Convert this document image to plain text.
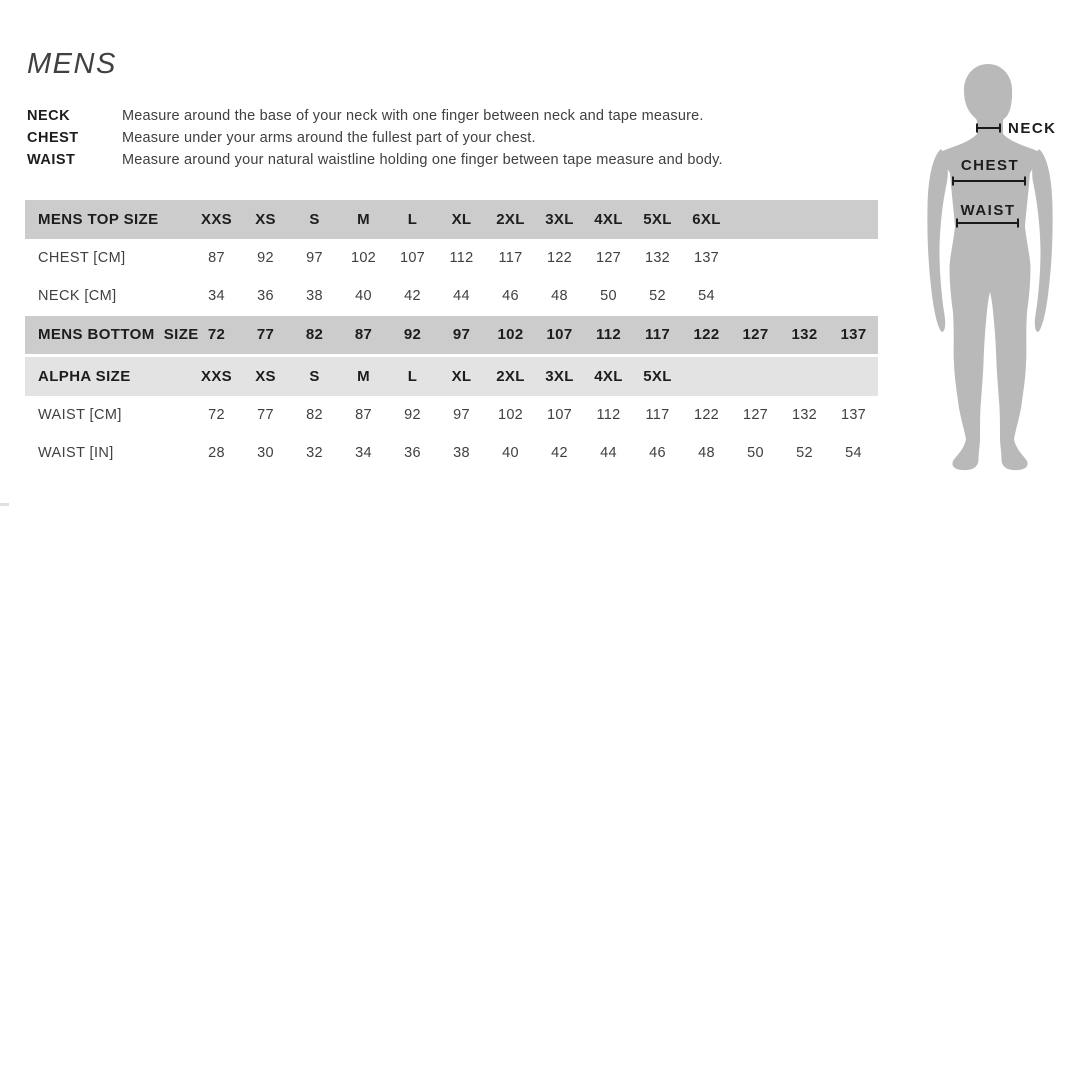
MENS
NECK	Measure around the base of your neck with one finger between neck and tape measure.
CHEST	Measure under your arms around the fullest part of your chest.
WAIST	Measure around your natural waistline holding one finger between tape measure and body.
MENS TOP SIZE	XXS	XS	S	M	L	XL	2XL	3XL	4XL	5XL	6XL
CHEST [CM]	87	92	97	102	107	112	117	122	127	132	137
NECK [CM]	34	36	38	40	42	44	46	48	50	52	54
MENS BOTTOM  SIZE 72	77	82	87	92	97	102	107	112	117	122	127	132	137
ALPHA SIZE	XXS	XS	S	M	L	XL	2XL	3XL	4XL	5XL
WAIST [CM]	72	77	82	87	92	97	102	107	112	117	122	127	132	137
WAIST [IN]	28	30	32	34	36	38	40	42	44	46	48	50	52	54
NECK
CHEST
WAIST
